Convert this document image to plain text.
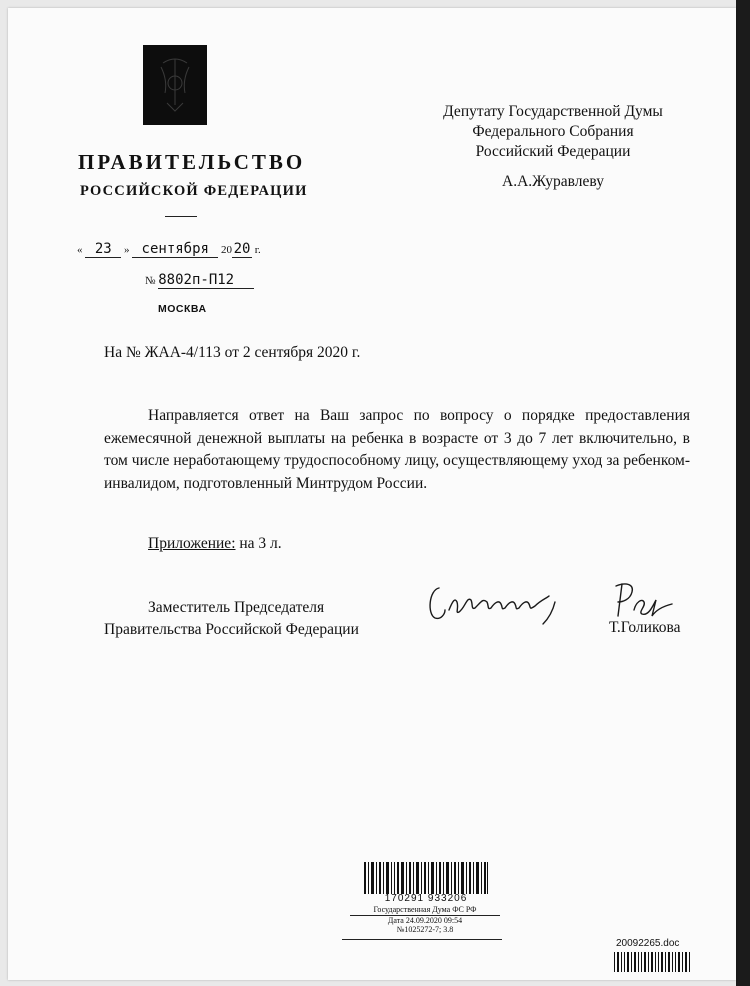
ПРАВИТЕЛЬСТВО
РОССИЙСКОЙ ФЕДЕРАЦИИ
Депутату Государственной Думы
Федерального Собрания
Российский Федерации
А.А.Журавлеву
« 23 » сентября 20 20 г.
№ 8802п-П12
МОСКВА
На № ЖАА-4/113 от 2 сентября 2020 г.
Направляется ответ на Ваш запрос по вопросу о порядке предоставления ежемесячной денежной выплаты на ребенка в возрасте от 3 до 7 лет включительно, в том числе неработающему трудоспособному лицу, осуществляющему уход за ребенком-инвалидом, подготовленный Минтрудом России.
Приложение: на 3 л.
Заместитель Председателя
Правительства Российской Федерации	Т.Голикова
170291 933206
Государственная Дума ФС РФ
Дата 24.09.2020 09:54
№1025272-7; 3.8
20092265.doc
